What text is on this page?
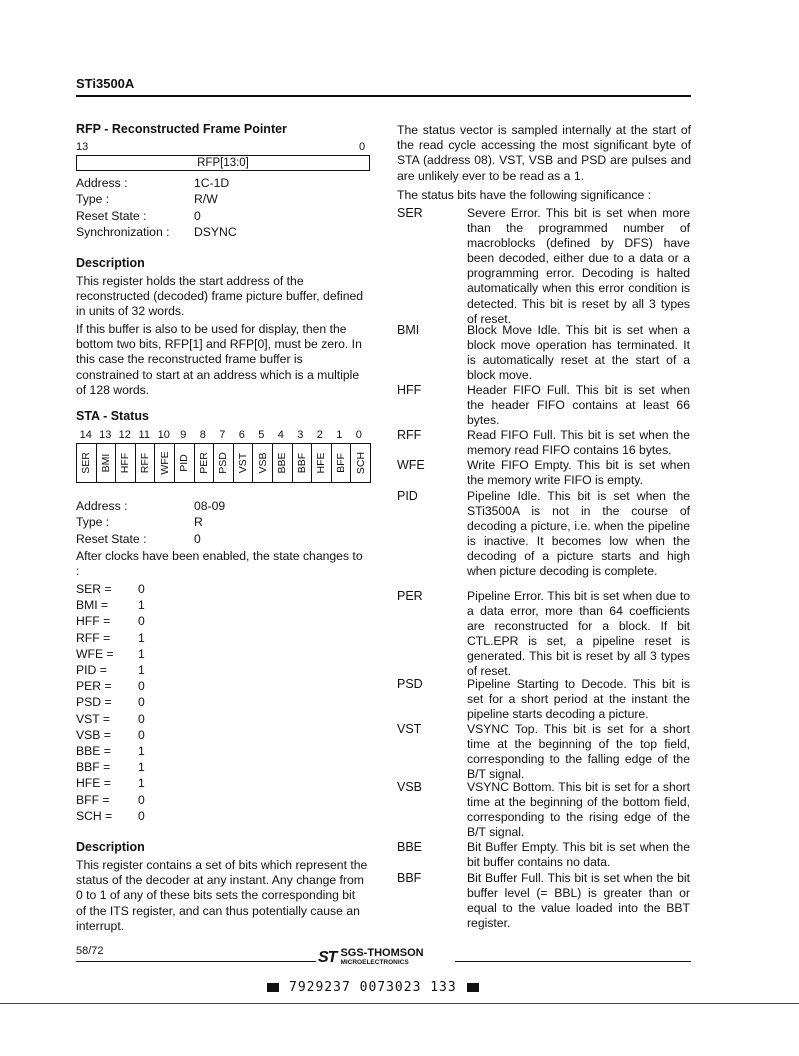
STi3500A
RFP - Reconstructed Frame Pointer
13	0
RFP[13:0]
Address :	1C-1D
Type :	R/W
Reset State :	0
Synchronization :	DSYNC
Description
This register holds the start address of the reconstructed (decoded) frame picture buffer, defined in units of 32 words.
If this buffer is also to be used for display, then the bottom two bits, RFP[1] and RFP[0], must be zero. In this case the reconstructed frame buffer is constrained to start at an address which is a multiple of 128 words.
STA - Status
14 13 12 11 10 9	8	7	6	5	4	3	2	1	0
SER BMI HFF RFF WFE PID PER PSD VST VSB BBE BBF HFE BFF SCH
Address :	08-09
Type :	R
Reset State :	0
After clocks have been enabled, the state changes to :
SER =	0
BMI =	1
HFF =	0
RFF =	1
WFE =	1
PID =	1
PER =	0
PSD =	0
VST =	0
VSB =	0
BBE =	1
BBF =	1
HFE =	1
BFF =	0
SCH =	0
Description
This register contains a set of bits which represent the status of the decoder at any instant. Any change from 0 to 1 of any of these bits sets the corresponding bit of the ITS register, and can thus potentially cause an interrupt.
The status vector is sampled internally at the start of the read cycle accessing the most significant byte of STA (address 08). VST, VSB and PSD are pulses and are unlikely ever to be read as a 1.
The status bits have the following significance :
SER	Severe Error. This bit is set when more than the programmed number of macroblocks (defined by DFS) have been decoded, either due to a data or a programming error. Decoding is halted automatically when this error condition is detected. This bit is reset by all 3 types of reset.
BMI	Block Move Idle. This bit is set when a block move operation has terminated. It is automatically reset at the start of a block move.
HFF	Header FIFO Full. This bit is set when the header FIFO contains at least 66 bytes.
RFF	Read FIFO Full. This bit is set when the memory read FIFO contains 16 bytes.
WFE	Write FIFO Empty. This bit is set when the memory write FIFO is empty.
PID	Pipeline Idle. This bit is set when the STi3500A is not in the course of decoding a picture, i.e. when the pipeline is inactive. It becomes low when the decoding of a picture starts and high when picture decoding is complete.
PER	Pipeline Error. This bit is set when due to a data error, more than 64 coefficients are reconstructed for a block. If bit CTL.EPR is set, a pipeline reset is generated. This bit is reset by all 3 types of reset.
PSD	Pipeline Starting to Decode. This bit is set for a short period at the instant the pipeline starts decoding a picture.
VST	VSYNC Top. This bit is set for a short time at the beginning of the top field, corresponding to the falling edge of the B/T signal.
VSB	VSYNC Bottom. This bit is set for a short time at the beginning of the bottom field, corresponding to the rising edge of the B/T signal.
BBE	Bit Buffer Empty. This bit is set when the bit buffer contains no data.
BBF	Bit Buffer Full. This bit is set when the bit buffer level (= BBL) is greater than or equal to the value loaded into the BBT register.
58/72	ST SGS-THOMSON
MICROELECTRONICS
7929237 0073023 133
